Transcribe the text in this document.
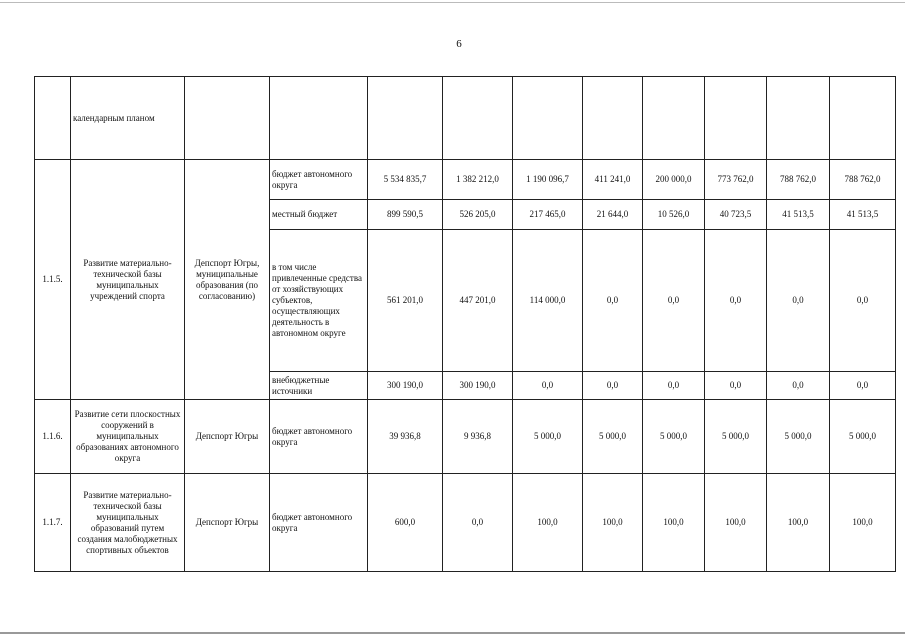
6
	календарным планом										
1.1.5.	Развитие материально-технической базы муниципальных учреждений спорта	Депспорт Югры, муниципальные образования (по согласованию)	бюджет автономного округа	5 534 835,7	1 382 212,0	1 190 096,7	411 241,0	200 000,0	773 762,0	788 762,0	788 762,0
			местный бюджет	899 590,5	526 205,0	217 465,0	21 644,0	10 526,0	40 723,5	41 513,5	41 513,5
			в том числе привлеченные средства от хозяйствующих субъектов, осуществляющих деятельность в автономном округе	561 201,0	447 201,0	114 000,0	0,0	0,0	0,0	0,0	0,0
			внебюджетные источники	300 190,0	300 190,0	0,0	0,0	0,0	0,0	0,0	0,0
1.1.6.	Развитие сети плоскостных сооружений в муниципальных образованиях автономного округа	Депспорт Югры	бюджет автономного округа	39 936,8	9 936,8	5 000,0	5 000,0	5 000,0	5 000,0	5 000,0	5 000,0
1.1.7.	Развитие материально-технической базы муниципальных образований путем создания малобюджетных спортивных объектов	Депспорт Югры	бюджет автономного округа	600,0	0,0	100,0	100,0	100,0	100,0	100,0	100,0
